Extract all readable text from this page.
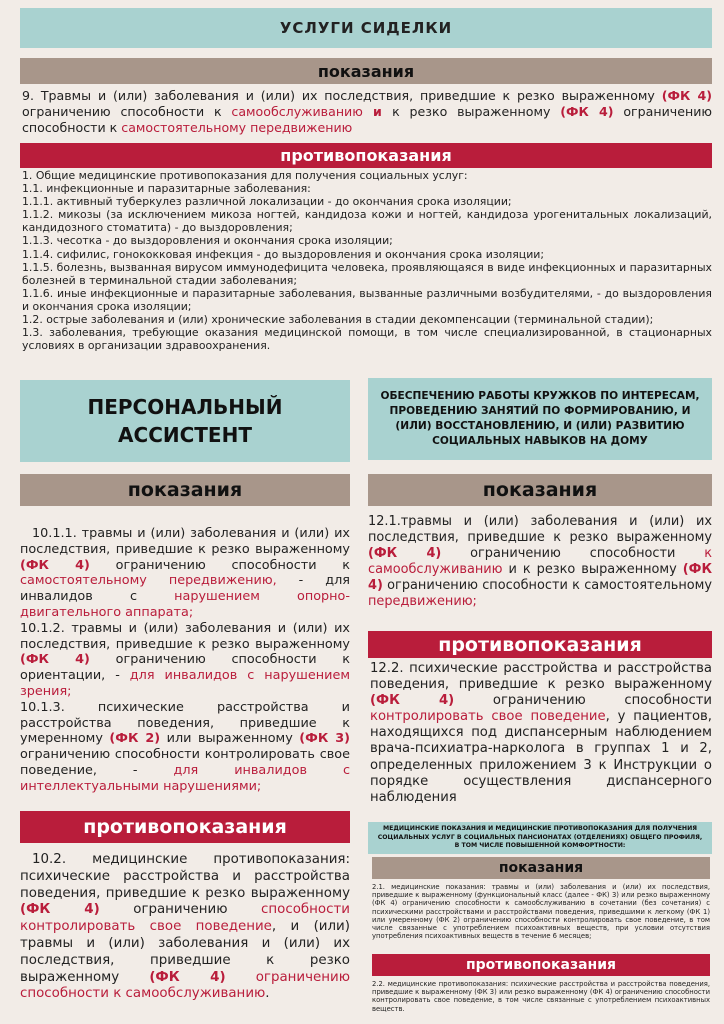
УСЛУГИ СИДЕЛКИ
показания
9. Травмы и (или) заболевания и (или) их последствия, приведшие к резко выраженному (ФК 4) ограничению способности к самообслуживанию и к резко выраженному (ФК 4) ограничению способности к самостоятельному передвижению
противопоказания

1. Общие медицинские противопоказания для получения социальных услуг:

1.1. инфекционные и паразитарные заболевания:

1.1.1. активный туберкулез различной локализации - до окончания срока изоляции;

1.1.2. микозы (за исключением микоза ногтей, кандидоза кожи и ногтей, кандидоза урогенитальных локализаций, кандидозного стоматита) - до выздоровления;

1.1.3. чесотка - до выздоровления и окончания срока изоляции;

1.1.4. сифилис, гонококковая инфекция - до выздоровления и окончания срока изоляции;

1.1.5. болезнь, вызванная вирусом иммунодефицита человека, проявляющаяся в виде инфекционных и паразитарных болезней в терминальной стадии заболевания;

1.1.6. иные инфекционные и паразитарные заболевания, вызванные различными возбудителями, - до выздоровления и окончания срока изоляции;

1.2. острые заболевания и (или) хронические заболевания в стадии декомпенсации (терминальной стадии);

1.3. заболевания, требующие оказания медицинской помощи, в том числе специализированной, в стационарных условиях в организации здравоохранения.

ПЕРСОНАЛЬНЫЙ
АССИСТЕНТ
показания

10.1.1. травмы и (или) заболевания и (или) их последствия, приведшие к резко выраженному (ФК 4) ограничению способности к самостоятельному передвижению, - для инвалидов с нарушением опорно-двигательного аппарата;

10.1.2. травмы и (или) заболевания и (или) их последствия, приведшие к резко выраженному (ФК 4) ограничению способности к ориентации, - для инвалидов с нарушением зрения;

10.1.3. психические расстройства и расстройства поведения, приведшие к умеренному (ФК 2) или выраженному (ФК 3) ограничению способности контролировать свое поведение, - для инвалидов с интеллектуальными нарушениями;

противопоказания
10.2. медицинские противопоказания: психические расстройства и расстройства поведения, приведшие к резко выраженному (ФК 4) ограничению способности контролировать свое поведение, и (или) травмы и (или) заболевания и (или) их последствия, приведшие к резко выраженному (ФК 4) ограничению способности к самообслуживанию.
ОБЕСПЕЧЕНИЮ РАБОТЫ КРУЖКОВ ПО ИНТЕРЕСАМ, ПРОВЕДЕНИЮ ЗАНЯТИЙ ПО ФОРМИРОВАНИЮ, И (ИЛИ) ВОССТАНОВЛЕНИЮ, И (ИЛИ) РАЗВИТИЮ СОЦИАЛЬНЫХ НАВЫКОВ НА ДОМУ
показания
12.1.травмы и (или) заболевания и (или) их последствия, приведшие к резко выраженному (ФК 4) ограничению способности к самообслуживанию и к резко выраженному (ФК 4) ограничению способности к самостоятельному передвижению;
противопоказания
12.2. психические расстройства и расстройства поведения, приведшие к резко выраженному (ФК 4) ограничению способности контролировать свое поведение, у пациентов, находящихся под диспансерным наблюдением врача-психиатра-нарколога в группах 1 и 2, определенных приложением 3 к Инструкции о порядке осуществления диспансерного наблюдения
МЕДИЦИНСКИЕ ПОКАЗАНИЯ И МЕДИЦИНСКИЕ ПРОТИВОПОКАЗАНИЯ ДЛЯ ПОЛУЧЕНИЯ СОЦИАЛЬНЫХ УСЛУГ В СОЦИАЛЬНЫХ ПАНСИОНАТАХ (ОТДЕЛЕНИЯХ) ОБЩЕГО ПРОФИЛЯ, В ТОМ ЧИСЛЕ ПОВЫШЕННОЙ КОМФОРТНОСТИ:
показания
2.1. медицинские показания: травмы и (или) заболевания и (или) их последствия, приведшие к выраженному (функциональный класс (далее - ФК) 3) или резко выраженному (ФК 4) ограничению способности к самообслуживанию в сочетании (без сочетания) с психическими расстройствами и расстройствами поведения, приведшими к легкому (ФК 1) или умеренному (ФК 2) ограничению способности контролировать свое поведение, в том числе связанные с употреблением психоактивных веществ, при условии отсутствия употребления психоактивных веществ в течение 6 месяцев;
противопоказания
2.2. медицинские противопоказания: психические расстройства и расстройства поведения, приведшие к выраженному (ФК 3) или резко выраженному (ФК 4) ограничению способности контролировать свое поведение, в том числе связанные с употреблением психоактивных веществ.
